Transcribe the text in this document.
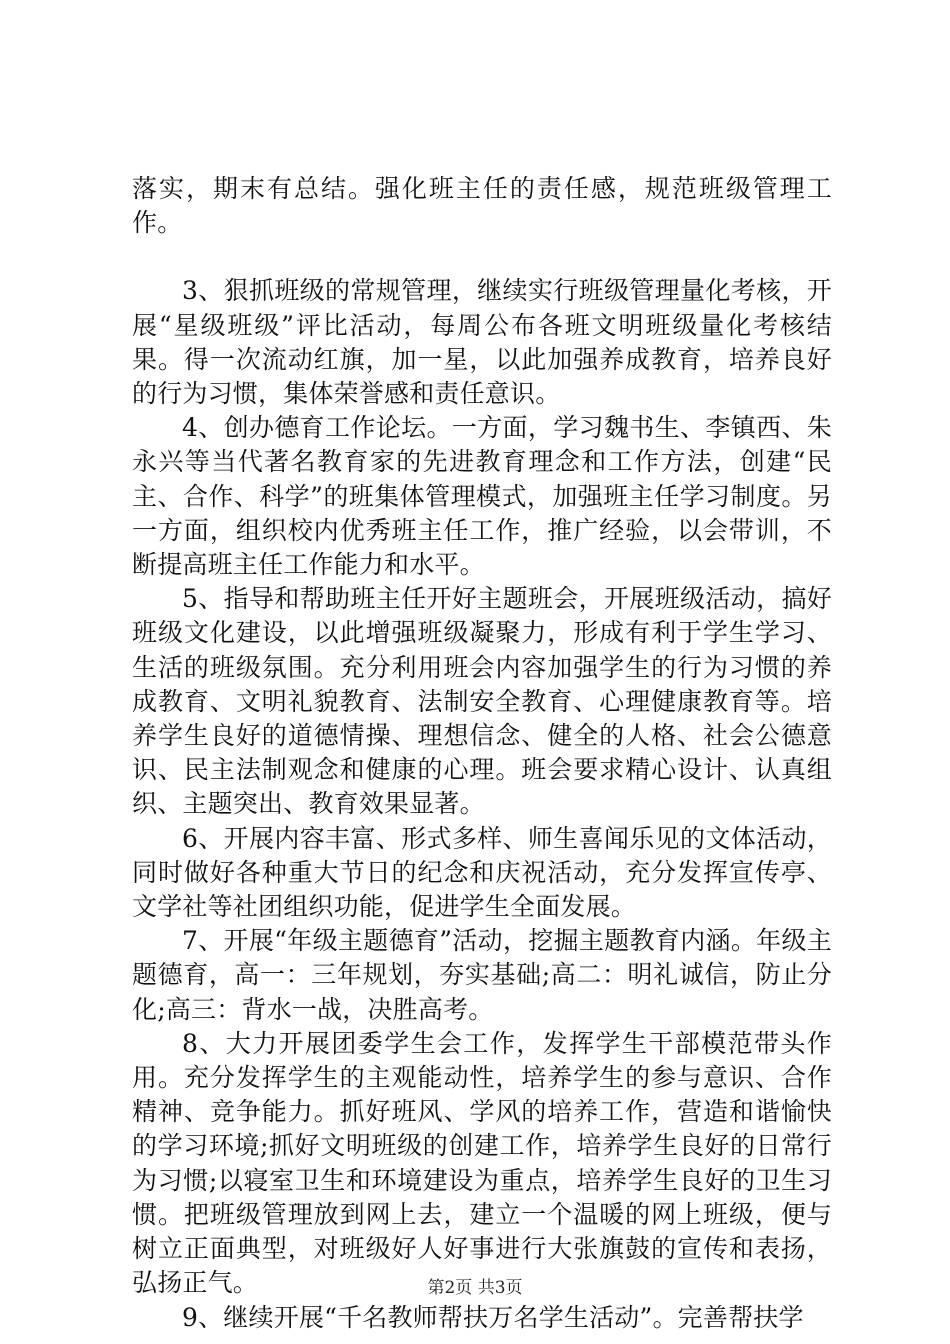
落实，期末有总结。强化班主任的责任感，规范班级管理工作。

3、狠抓班级的常规管理，继续实行班级管理量化考核，开展“星级班级”评比活动，每周公布各班文明班级量化考核结果。得一次流动红旗，加一星，以此加强养成教育，培养良好的行为习惯，集体荣誉感和责任意识。

4、创办德育工作论坛。一方面，学习魏书生、李镇西、朱永兴等当代著名教育家的先进教育理念和工作方法，创建“民主、合作、科学”的班集体管理模式，加强班主任学习制度。另一方面，组织校内优秀班主任工作，推广经验，以会带训，不断提高班主任工作能力和水平。

5、指导和帮助班主任开好主题班会，开展班级活动，搞好班级文化建设，以此增强班级凝聚力，形成有利于学生学习、生活的班级氛围。充分利用班会内容加强学生的行为习惯的养成教育、文明礼貌教育、法制安全教育、心理健康教育等。培养学生良好的道德情操、理想信念、健全的人格、社会公德意识、民主法制观念和健康的心理。班会要求精心设计、认真组织、主题突出、教育效果显著。

6、开展内容丰富、形式多样、师生喜闻乐见的文体活动，同时做好各种重大节日的纪念和庆祝活动，充分发挥宣传亭、文学社等社团组织功能，促进学生全面发展。

7、开展“年级主题德育”活动，挖掘主题教育内涵。年级主题德育，高一：三年规划，夯实基础;高二：明礼诚信，防止分化;高三：背水一战，决胜高考。

8、大力开展团委学生会工作，发挥学生干部模范带头作用。充分发挥学生的主观能动性，培养学生的参与意识、合作精神、竞争能力。抓好班风、学风的培养工作，营造和谐愉快的学习环境;抓好文明班级的创建工作，培养学生良好的日常行为习惯;以寝室卫生和环境建设为重点，培养学生良好的卫生习惯。把班级管理放到网上去，建立一个温暖的网上班级，便与树立正面典型，对班级好人好事进行大张旗鼓的宣传和表扬，弘扬正气。

9、继续开展“千名教师帮扶万名学生活动”。完善帮扶学

第2页 共3页
